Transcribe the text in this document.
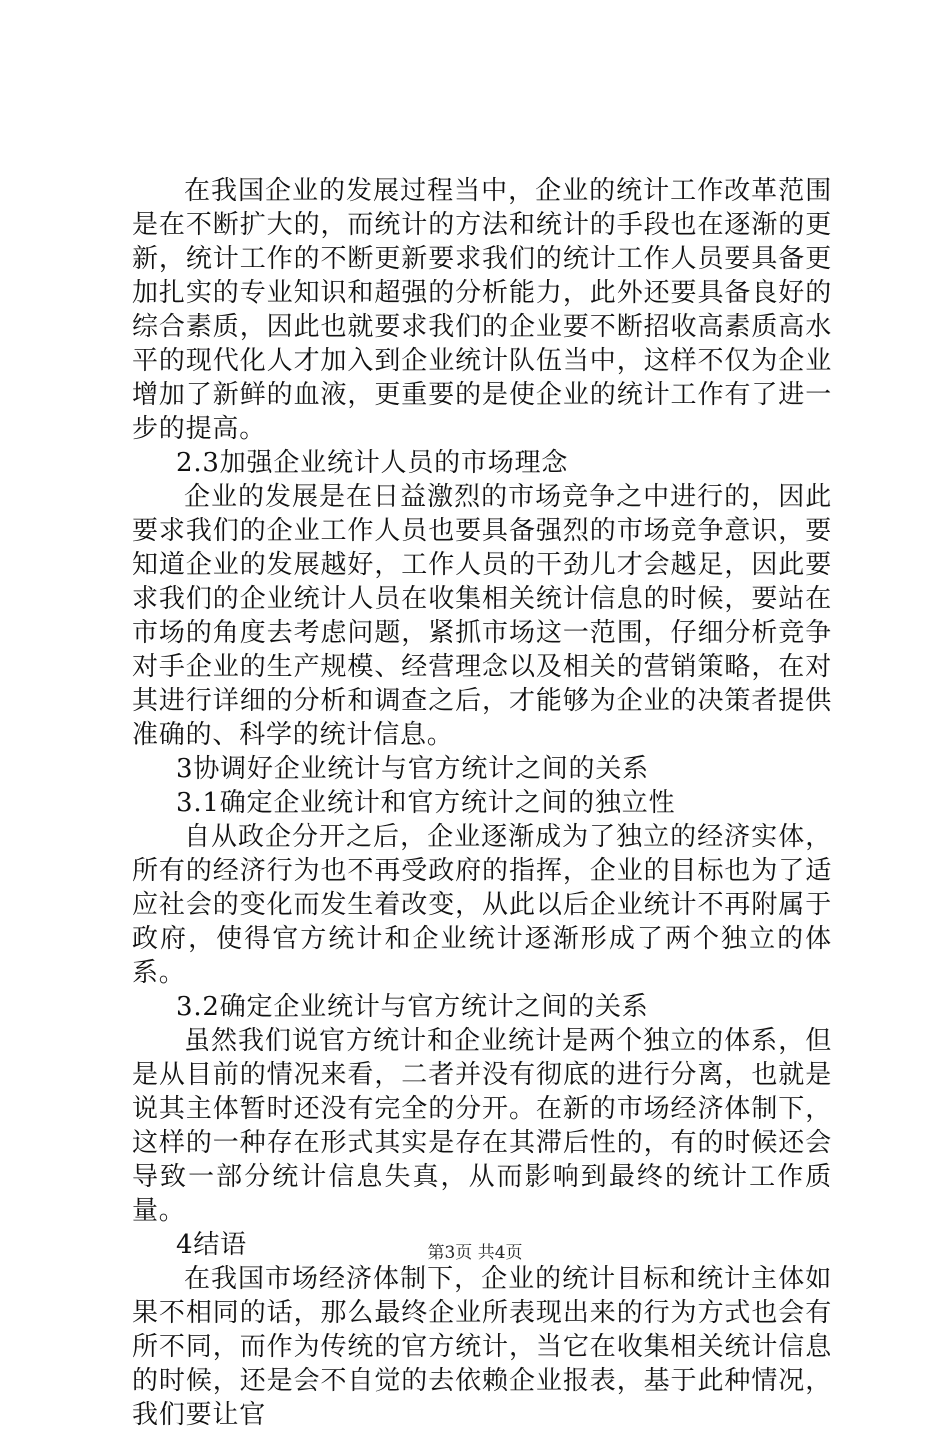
在我国企业的发展过程当中，企业的统计工作改革范围是在不断扩大的，而统计的方法和统计的手段也在逐渐的更新，统计工作的不断更新要求我们的统计工作人员要具备更加扎实的专业知识和超强的分析能力，此外还要具备良好的综合素质，因此也就要求我们的企业要不断招收高素质高水平的现代化人才加入到企业统计队伍当中，这样不仅为企业增加了新鲜的血液，更重要的是使企业的统计工作有了进一步的提高。

2.3加强企业统计人员的市场理念

企业的发展是在日益激烈的市场竞争之中进行的，因此要求我们的企业工作人员也要具备强烈的市场竞争意识，要知道企业的发展越好，工作人员的干劲儿才会越足，因此要求我们的企业统计人员在收集相关统计信息的时候，要站在市场的角度去考虑问题，紧抓市场这一范围，仔细分析竞争对手企业的生产规模、经营理念以及相关的营销策略，在对其进行详细的分析和调查之后，才能够为企业的决策者提供准确的、科学的统计信息。

3协调好企业统计与官方统计之间的关系

3.1确定企业统计和官方统计之间的独立性

自从政企分开之后，企业逐渐成为了独立的经济实体，所有的经济行为也不再受政府的指挥，企业的目标也为了适应社会的变化而发生着改变，从此以后企业统计不再附属于政府，使得官方统计和企业统计逐渐形成了两个独立的体系。

3.2确定企业统计与官方统计之间的关系

虽然我们说官方统计和企业统计是两个独立的体系，但是从目前的情况来看，二者并没有彻底的进行分离，也就是说其主体暂时还没有完全的分开。在新的市场经济体制下，这样的一种存在形式其实是存在其滞后性的，有的时候还会导致一部分统计信息失真，从而影响到最终的统计工作质量。

4结语

在我国市场经济体制下，企业的统计目标和统计主体如果不相同的话，那么最终企业所表现出来的行为方式也会有所不同，而作为传统的官方统计，当它在收集相关统计信息的时候，还是会不自觉的去依赖企业报表，基于此种情况，我们要让官

第3页 共4页
